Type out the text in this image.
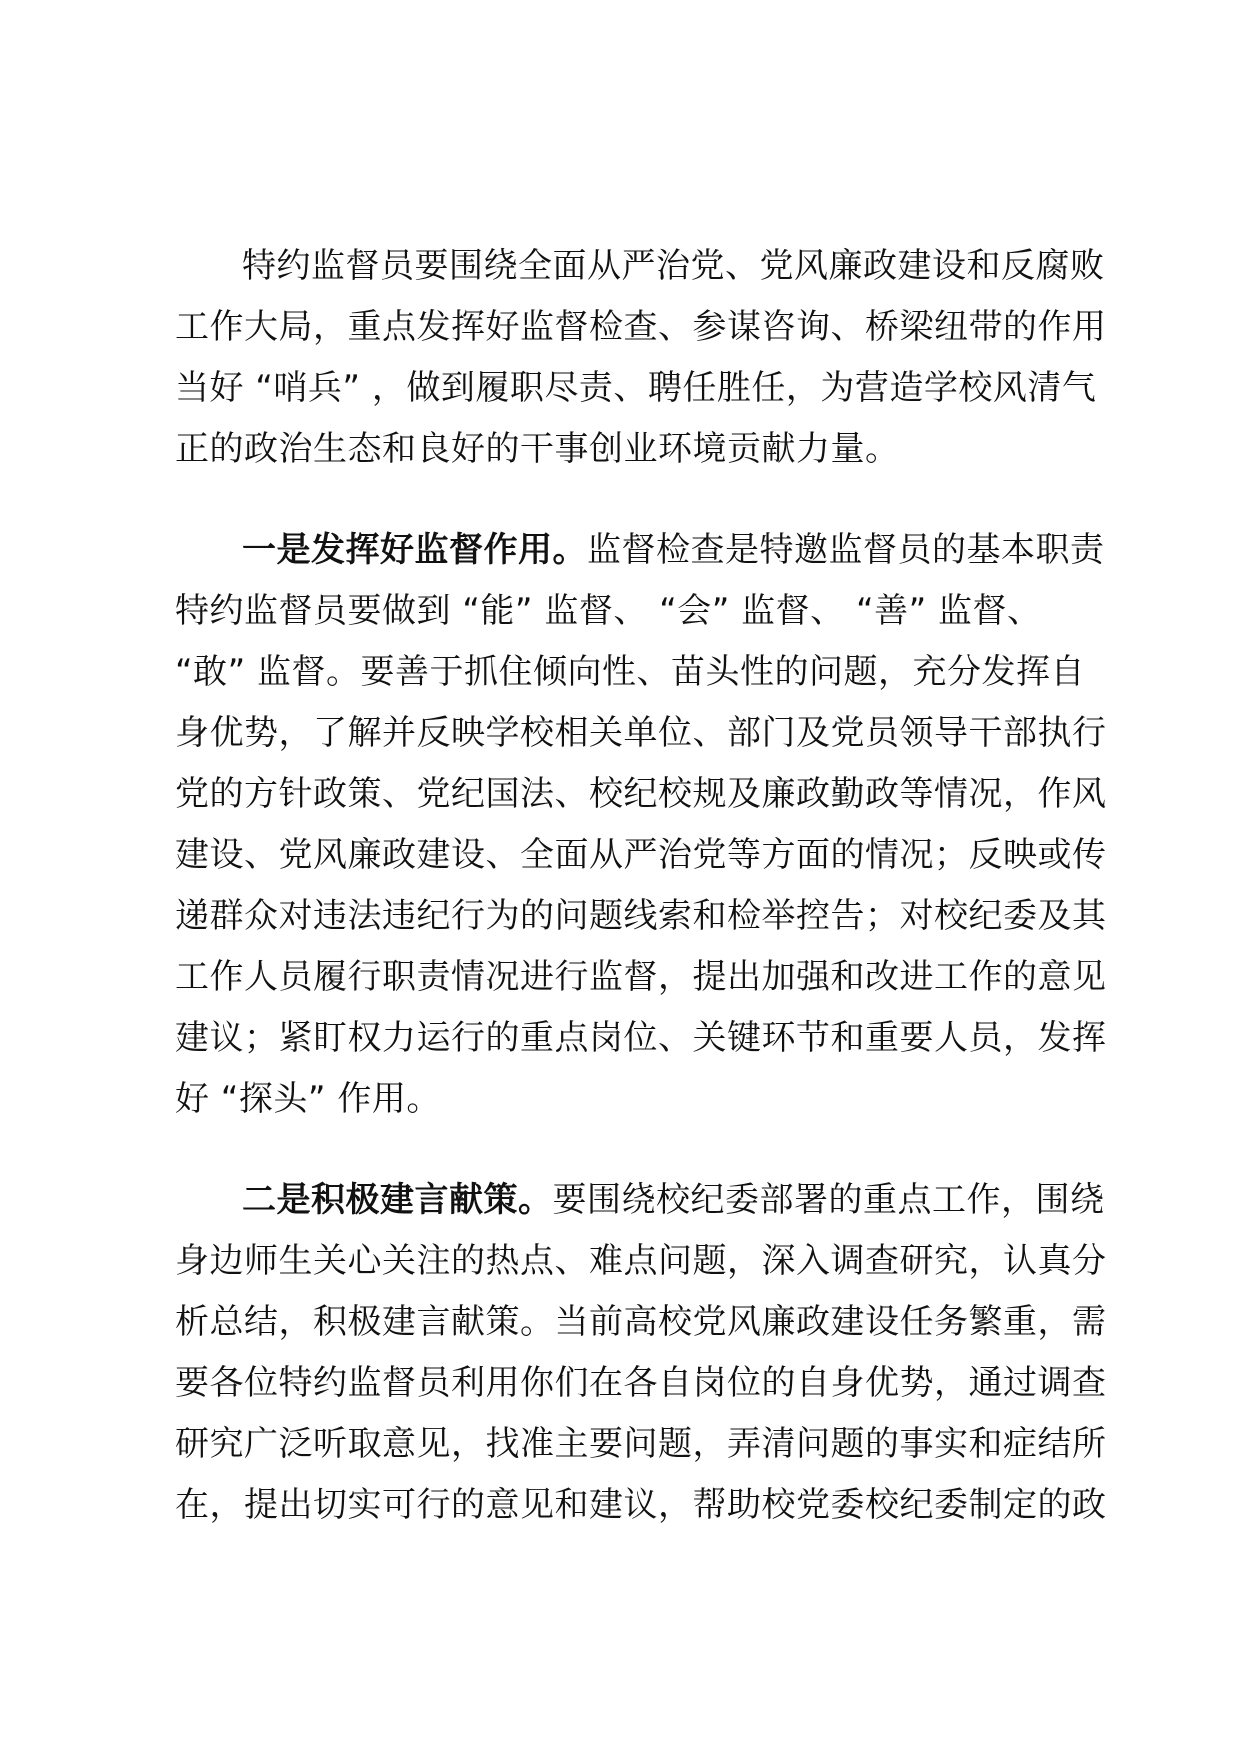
特约监督员要围绕全面从严治党、党风廉政建设和反腐败
工作大局，重点发挥好监督检查、参谋咨询、桥梁纽带的作用
当好 “哨兵” ，做到履职尽责、聘任胜任，为营造学校风清气
正的政治生态和良好的干事创业环境贡献力量。
一是发挥好监督作用。监督检查是特邀监督员的基本职责
特约监督员要做到 “能” 监督、 “会” 监督、 “善” 监督、
“敢” 监督。要善于抓住倾向性、苗头性的问题，充分发挥自
身优势，了解并反映学校相关单位、部门及党员领导干部执行
党的方针政策、党纪国法、校纪校规及廉政勤政等情况，作风
建设、党风廉政建设、全面从严治党等方面的情况；反映或传
递群众对违法违纪行为的问题线索和检举控告；对校纪委及其
工作人员履行职责情况进行监督，提出加强和改进工作的意见
建议；紧盯权力运行的重点岗位、关键环节和重要人员，发挥
好 “探头” 作用。
二是积极建言献策。要围绕校纪委部署的重点工作，围绕
身边师生关心关注的热点、难点问题，深入调查研究，认真分
析总结，积极建言献策。当前高校党风廉政建设任务繁重，需
要各位特约监督员利用你们在各自岗位的自身优势，通过调查
研究广泛听取意见，找准主要问题，弄清问题的事实和症结所
在，提出切实可行的意见和建议，帮助校党委校纪委制定的政
